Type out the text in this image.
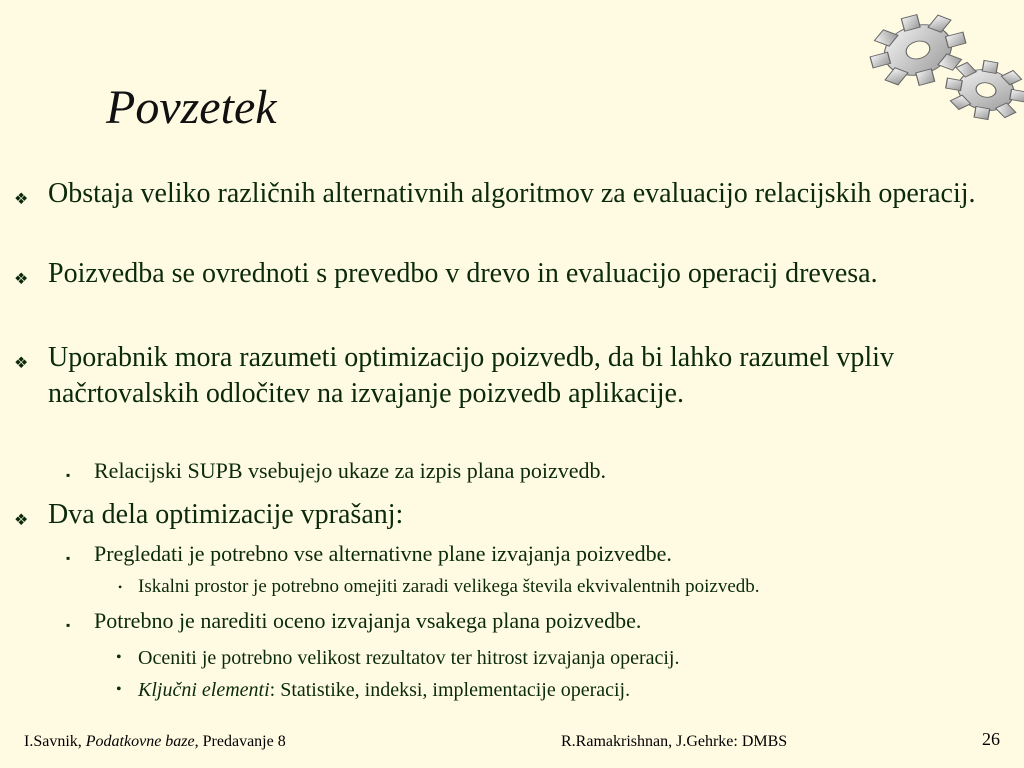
Povzetek
❖ Obstaja veliko različnih alternativnih algoritmov za evaluacijo relacijskih operacij.
❖ Poizvedba se ovrednoti s prevedbo v drevo in evaluacijo operacij drevesa.
❖ Uporabnik mora razumeti optimizacijo poizvedb, da bi lahko razumel vpliv načrtovalskih odločitev na izvajanje poizvedb aplikacije.
▪ Relacijski SUPB vsebujejo ukaze za izpis plana poizvedb.
❖ Dva dela optimizacije vprašanj:
▪ Pregledati je potrebno vse alternativne plane izvajanja poizvedbe.
• Iskalni prostor je potrebno omejiti zaradi velikega števila ekvivalentnih poizvedb.
▪ Potrebno je narediti oceno izvajanja vsakega plana poizvedbe.
• Oceniti je potrebno velikost rezultatov ter hitrost izvajanja operacij.
• Ključni elementi: Statistike, indeksi, implementacije operacij.
I.Savnik, Podatkovne baze, Predavanje 8	R.Ramakrishnan, J.Gehrke: DMBS	26
